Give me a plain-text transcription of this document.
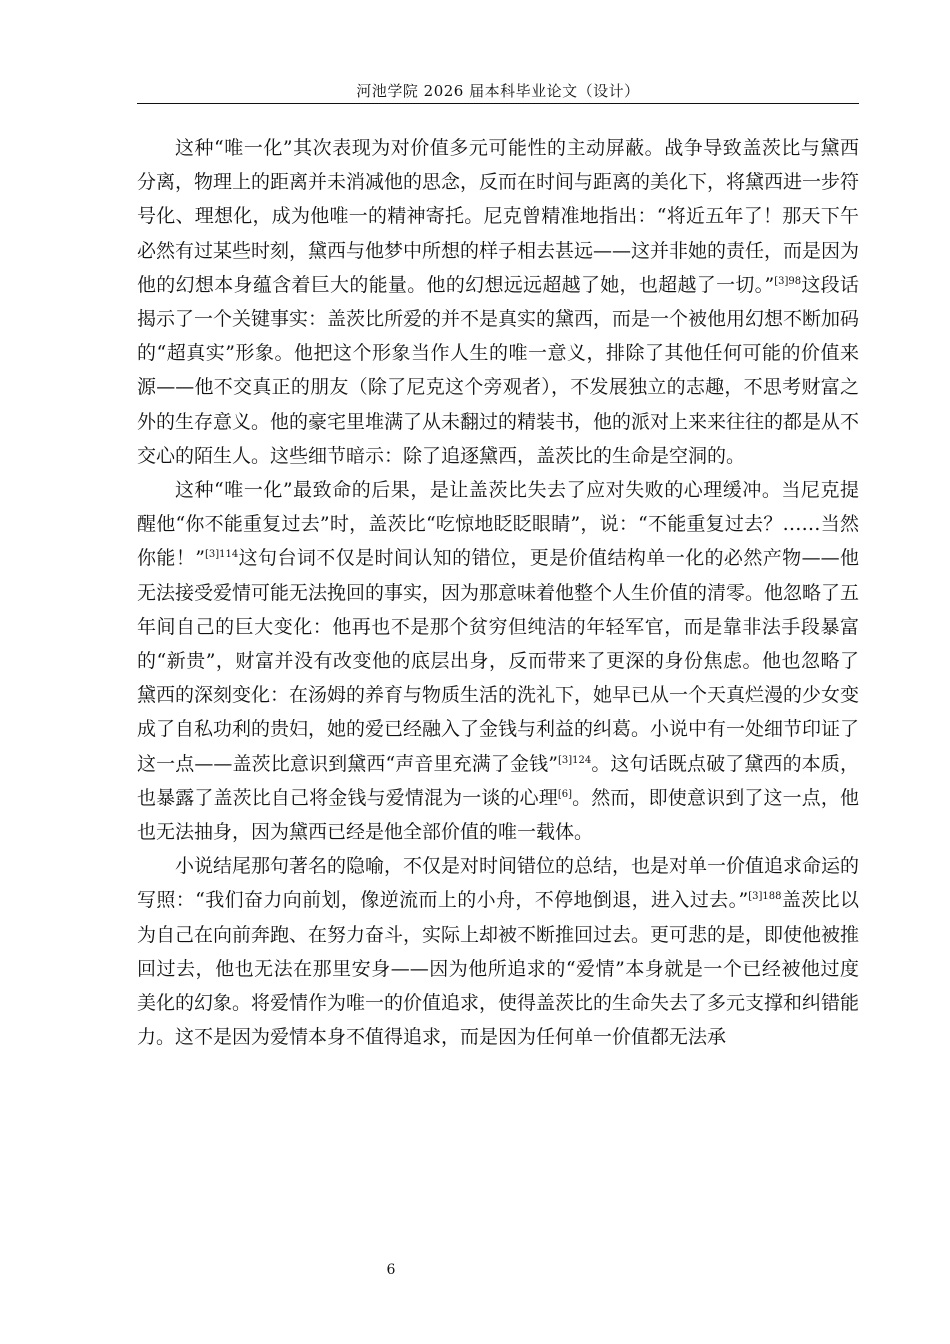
河池学院 2026 届本科毕业论文（设计）

这种“唯一化”其次表现为对价值多元可能性的主动屏蔽。战争导致盖茨比与黛西分离，物理上的距离并未消减他的思念，反而在时间与距离的美化下，将黛西进一步符号化、理想化，成为他唯一的精神寄托。尼克曾精准地指出：“将近五年了！那天下午必然有过某些时刻，黛西与他梦中所想的样子相去甚远——这并非她的责任，而是因为他的幻想本身蕴含着巨大的能量。他的幻想远远超越了她，也超越了一切。”$^{[3]98}$这段话揭示了一个关键事实：盖茨比所爱的并不是真实的黛西，而是一个被他用幻想不断加码的“超真实”形象。他把这个形象当作人生的唯一意义，排除了其他任何可能的价值来源——他不交真正的朋友（除了尼克这个旁观者），不发展独立的志趣，不思考财富之外的生存意义。他的豪宅里堆满了从未翻过的精装书，他的派对上来来往往的都是从不交心的陌生人。这些细节暗示：除了追逐黛西，盖茨比的生命是空洞的。

这种“唯一化”最致命的后果，是让盖茨比失去了应对失败的心理缓冲。当尼克提醒他“你不能重复过去”时，盖茨比“吃惊地眨眨眼睛”，说：“不能重复过去？……当然你能！”$^{[3]114}$这句台词不仅是时间认知的错位，更是价值结构单一化的必然产物——他无法接受爱情可能无法挽回的事实，因为那意味着他整个人生价值的清零。他忽略了五年间自己的巨大变化：他再也不是那个贫穷但纯洁的年轻军官，而是靠非法手段暴富的“新贵”，财富并没有改变他的底层出身，反而带来了更深的身份焦虑。他也忽略了黛西的深刻变化：在汤姆的养育与物质生活的洗礼下，她早已从一个天真烂漫的少女变成了自私功利的贵妇，她的爱已经融入了金钱与利益的纠葛。小说中有一处细节印证了这一点——盖茨比意识到黛西“声音里充满了金钱”$^{[3]124}$。这句话既点破了黛西的本质，也暴露了盖茨比自己将金钱与爱情混为一谈的心理[6]。然而，即使意识到了这一点，他也无法抽身，因为黛西已经是他全部价值的唯一载体。

小说结尾那句著名的隐喻，不仅是对时间错位的总结，也是对单一价值追求命运的写照：“我们奋力向前划，像逆流而上的小舟，不停地倒退，进入过去。”$^{[3]188}$盖茨比以为自己在向前奔跑、在努力奋斗，实际上却被不断推回过去。更可悲的是，即使他被推回过去，他也无法在那里安身——因为他所追求的“爱情”本身就是一个已经被他过度美化的幻象。将爱情作为唯一的价值追求，使得盖茨比的生命失去了多元支撑和纠错能力。这不是因为爱情本身不值得追求，而是因为任何单一价值都无法承

6
